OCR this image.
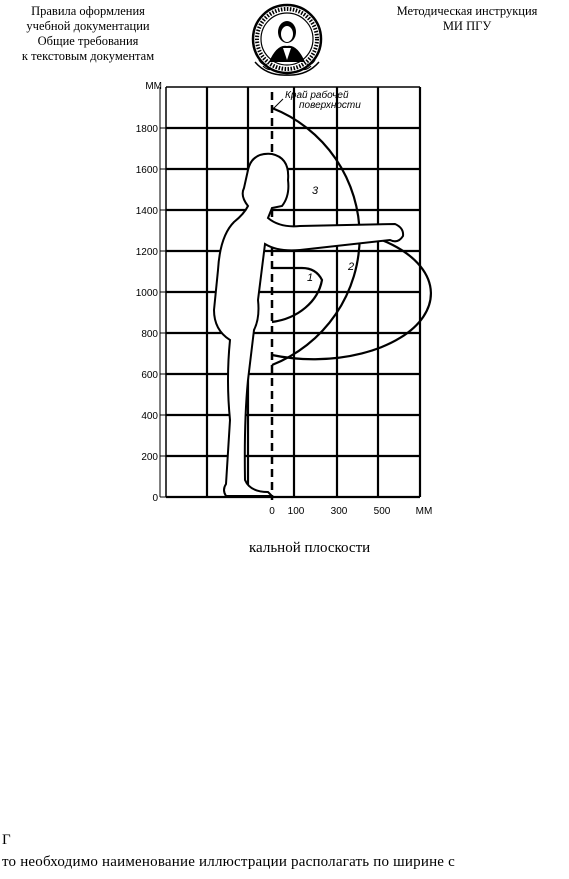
Правила оформления
учебной документации
Общие требования
к текстовым документам
Методическая инструкция
МИ ПГУ
ММ
1800
1600
1400
1200
1000
800
600
400
200
0
0 100	300	500	ММ
Край рабочей
поверхности
1
2
3
кальной плоскости
Г
то необходимо наименование иллюстрации располагать по ширине с
